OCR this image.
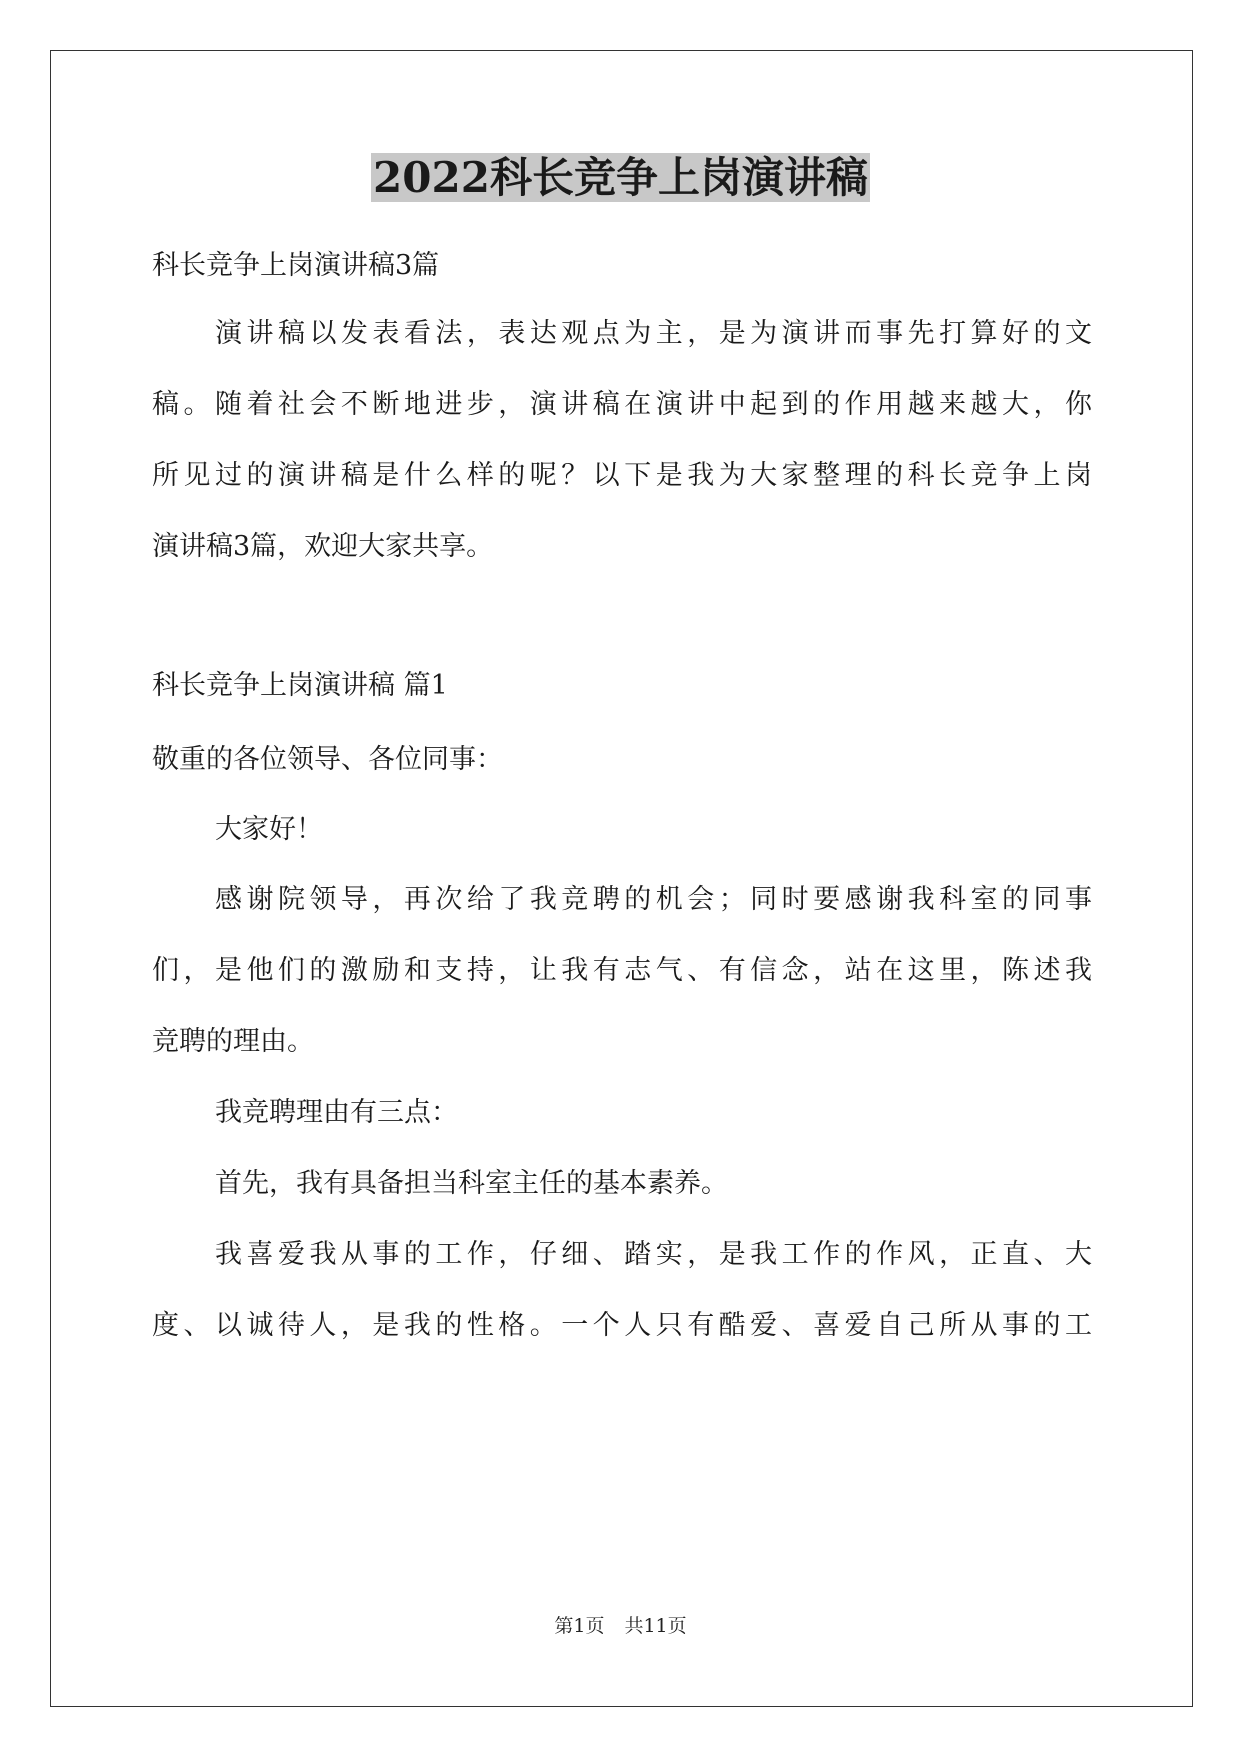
2022科长竞争上岗演讲稿

科长竞争上岗演讲稿3篇

演讲稿以发表看法，表达观点为主，是为演讲而事先打算好的文

稿。随着社会不断地进步，演讲稿在演讲中起到的作用越来越大，你

所见过的演讲稿是什么样的呢？以下是我为大家整理的科长竞争上岗

演讲稿3篇，欢迎大家共享。

科长竞争上岗演讲稿 篇1

敬重的各位领导、各位同事：

大家好！

感谢院领导，再次给了我竞聘的机会；同时要感谢我科室的同事

们，是他们的激励和支持，让我有志气、有信念，站在这里，陈述我

竞聘的理由。

我竞聘理由有三点：

首先，我有具备担当科室主任的基本素养。

我喜爱我从事的工作，仔细、踏实，是我工作的作风，正直、大

度、以诚待人，是我的性格。一个人只有酷爱、喜爱自己所从事的工

第1页 共11页
